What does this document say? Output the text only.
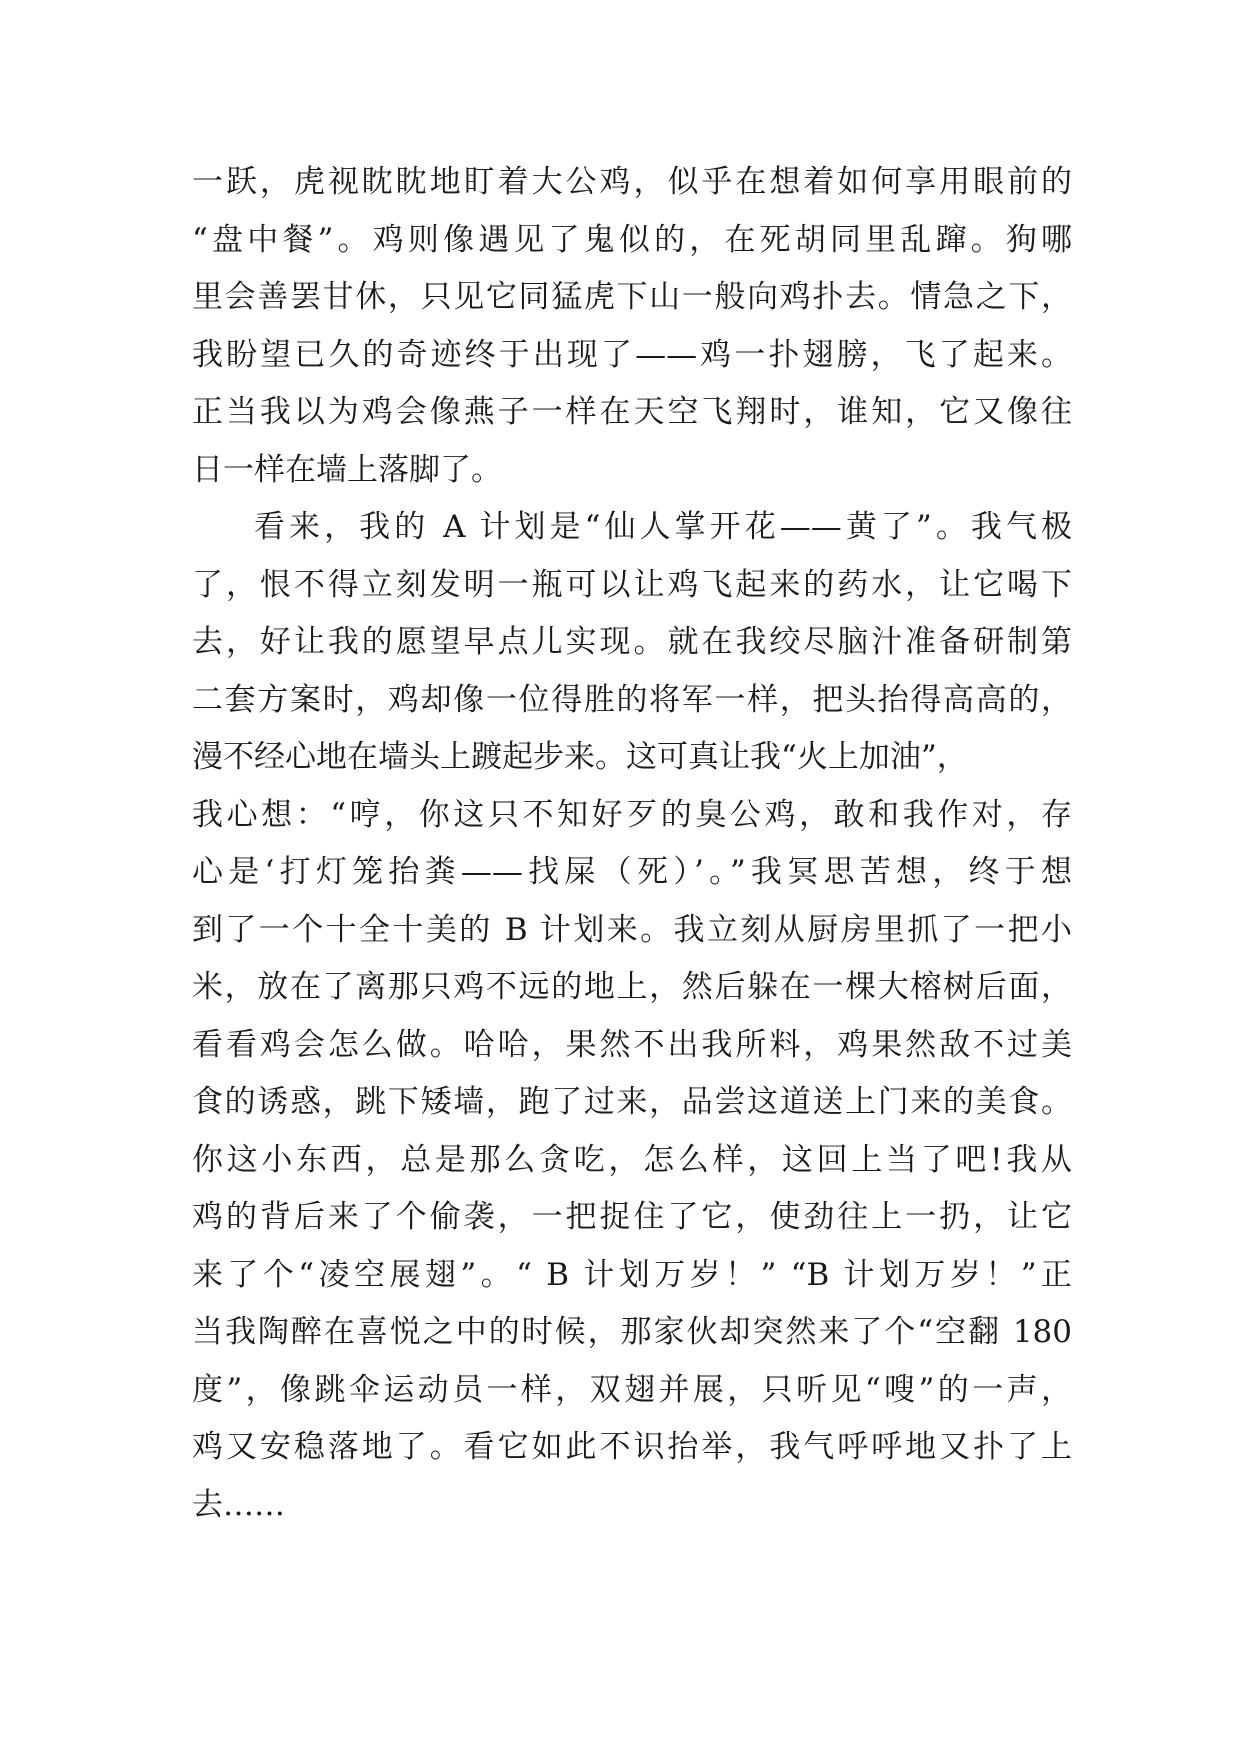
一跃，虎视眈眈地盯着大公鸡，似乎在想着如何享用眼前的
“盘中餐”。鸡则像遇见了鬼似的，在死胡同里乱蹿。狗哪
里会善罢甘休，只见它同猛虎下山一般向鸡扑去。情急之下，
我盼望已久的奇迹终于出现了——鸡一扑翅膀，飞了起来。
正当我以为鸡会像燕子一样在天空飞翔时，谁知，它又像往
日一样在墙上落脚了。
看来，我的 A 计划是“仙人掌开花——黄了”。我气极
了，恨不得立刻发明一瓶可以让鸡飞起来的药水，让它喝下
去，好让我的愿望早点儿实现。就在我绞尽脑汁准备研制第
二套方案时，鸡却像一位得胜的将军一样，把头抬得高高的，
漫不经心地在墙头上踱起步来。这可真让我“火上加油”，
我心想：“哼，你这只不知好歹的臭公鸡，敢和我作对，存
心是‘打灯笼抬粪——找屎（死）’。”我冥思苦想，终于想
到了一个十全十美的 B 计划来。我立刻从厨房里抓了一把小
米，放在了离那只鸡不远的地上，然后躲在一棵大榕树后面，
看看鸡会怎么做。哈哈，果然不出我所料，鸡果然敌不过美
食的诱惑，跳下矮墙，跑了过来，品尝这道送上门来的美食。
你这小东西，总是那么贪吃，怎么样，这回上当了吧!我从
鸡的背后来了个偷袭，一把捉住了它，使劲往上一扔，让它
来了个“凌空展翅”。“ B 计划万岁！” “B 计划万岁！”正
当我陶醉在喜悦之中的时候，那家伙却突然来了个“空翻 180
度”，像跳伞运动员一样，双翅并展，只听见“嗖”的一声，
鸡又安稳落地了。看它如此不识抬举，我气呼呼地又扑了上
去……
